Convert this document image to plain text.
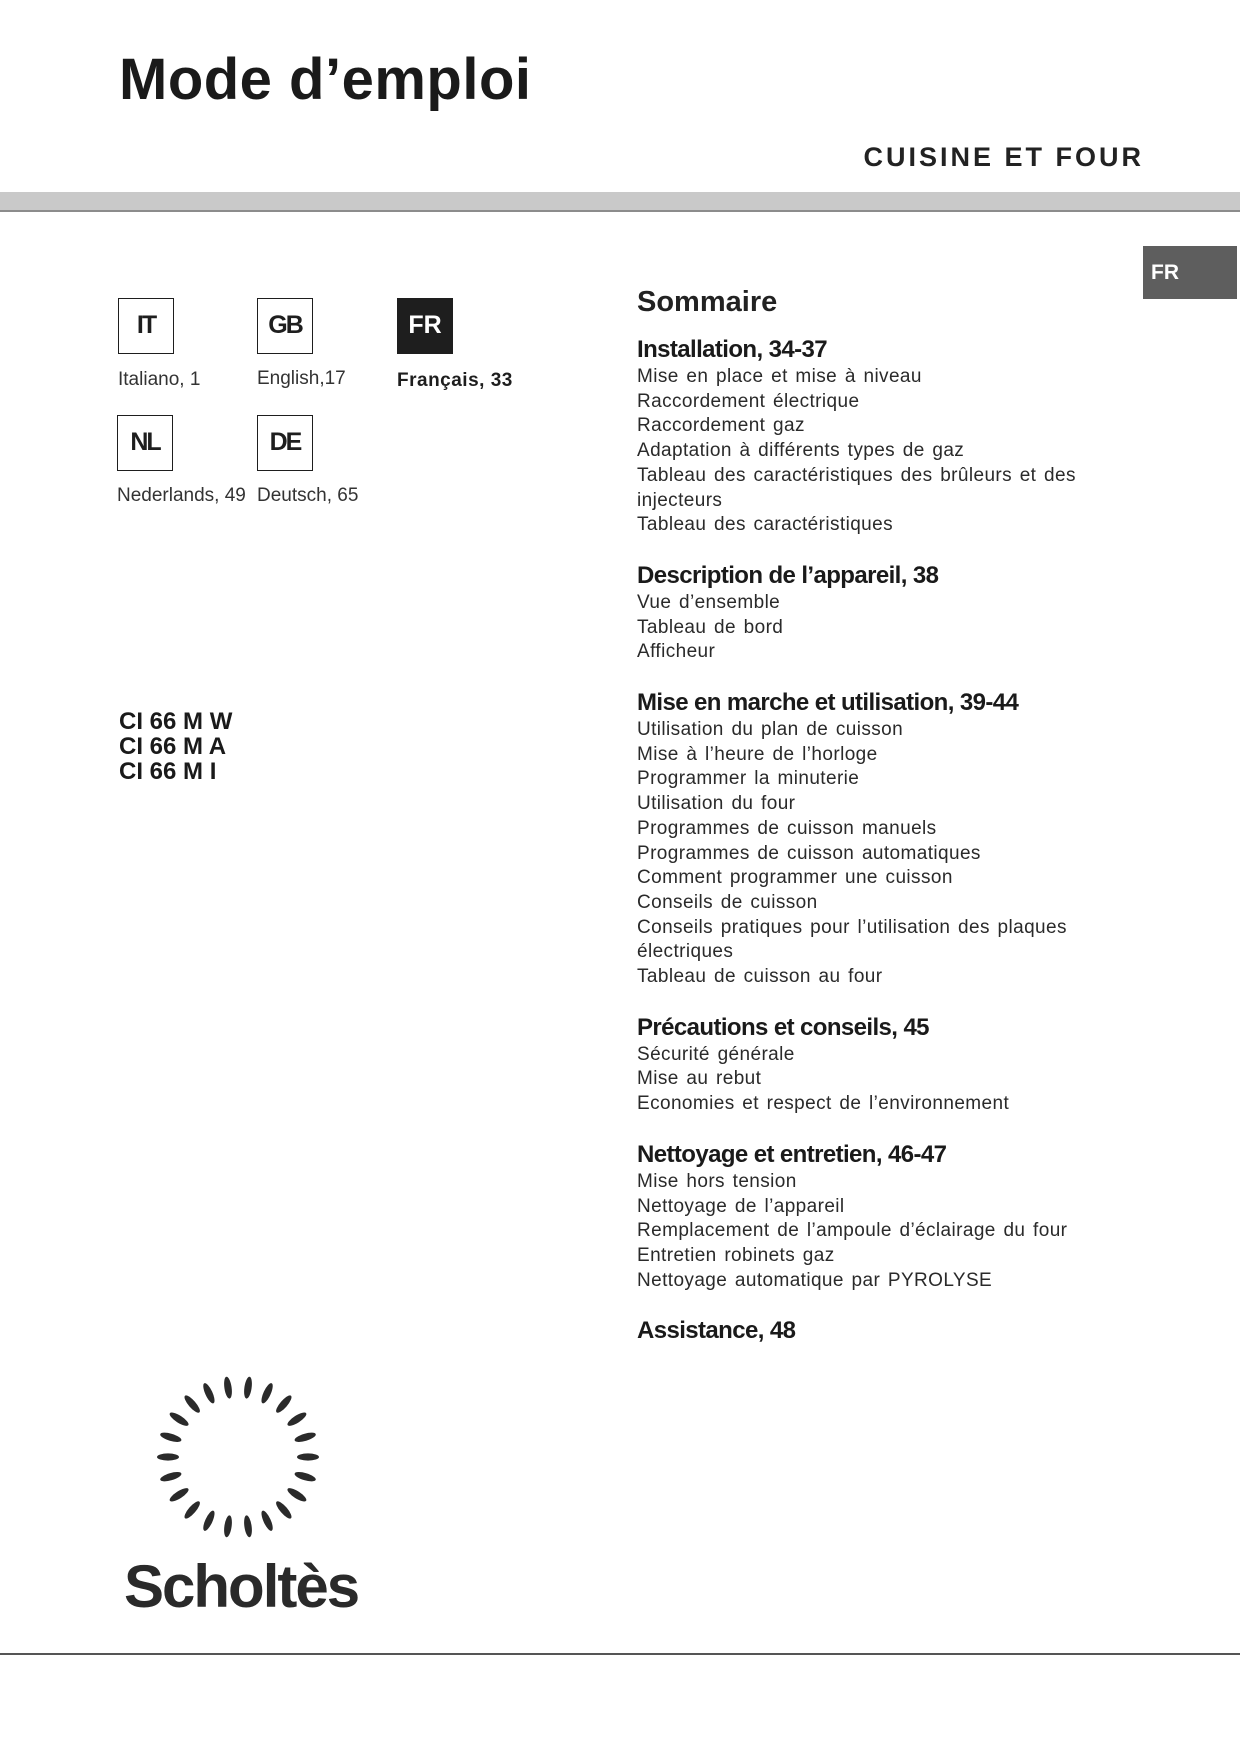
Mode d’emploi
CUISINE ET FOUR
FR
IT
Italiano, 1
GB
English,17
FR
Français, 33
NL
Nederlands, 49
DE
Deutsch, 65
CI 66 M W
CI 66 M A
CI 66 M I
Sommaire
Installation, 34-37
Mise en place et mise à niveau
Raccordement électrique
Raccordement gaz
Adaptation à différents types de gaz
Tableau des caractéristiques des brûleurs et des injecteurs
Tableau des caractéristiques
Description de l’appareil, 38
Vue d’ensemble
Tableau de bord
Afficheur
Mise en marche et utilisation, 39-44
Utilisation du plan de cuisson
Mise à l’heure de l’horloge
Programmer la minuterie
Utilisation du four
Programmes de cuisson manuels
Programmes de cuisson automatiques
Comment programmer une cuisson
Conseils de cuisson
Conseils pratiques pour l’utilisation des plaques électriques
Tableau de cuisson au four
Précautions et conseils, 45
Sécurité générale
Mise au rebut
Economies et respect de l’environnement
Nettoyage et entretien, 46-47
Mise hors tension
Nettoyage de l’appareil
Remplacement de l’ampoule d’éclairage du four
Entretien robinets gaz
Nettoyage automatique par PYROLYSE
Assistance, 48
Scholtès
